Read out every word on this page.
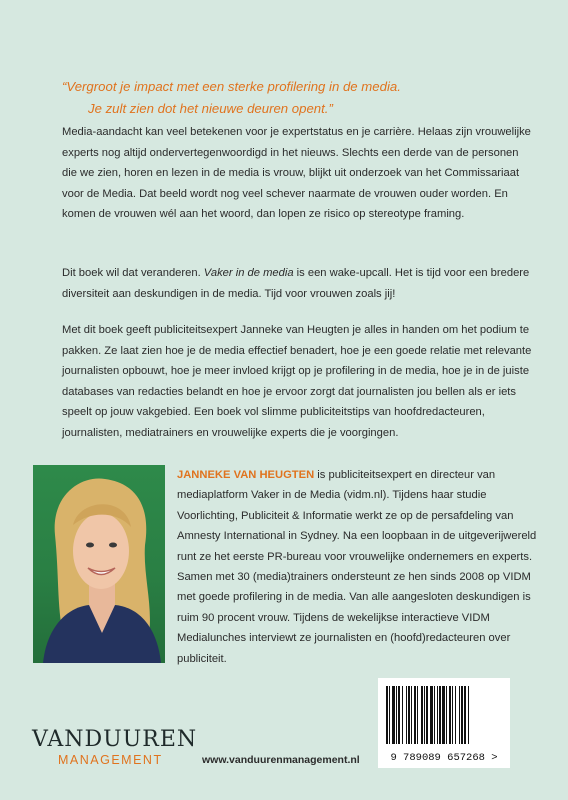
“Vergroot je impact met een sterke profilering in de media.
Je zult zien dot het nieuwe deuren opent.”

Media-aandacht kan veel betekenen voor je expertstatus en je carrière. Helaas zijn vrouwelijke experts nog altijd ondervertegenwoordigd in het nieuws. Slechts een derde van de personen die we zien, horen en lezen in de media is vrouw, blijkt uit onderzoek van het Commissariaat voor de Media. Dat beeld wordt nog veel schever naarmate de vrouwen ouder worden. En komen de vrouwen wél aan het woord, dan lopen ze risico op stereotype framing.

Dit boek wil dat veranderen. Vaker in de media is een wake-upcall. Het is tijd voor een bredere diversiteit aan deskundigen in de media. Tijd voor vrouwen zoals jij!

Met dit boek geeft publiciteitsexpert Janneke van Heugten je alles in handen om het podium te pakken. Ze laat zien hoe je de media effectief benadert, hoe je een goede relatie met relevante journalisten opbouwt, hoe je meer invloed krijgt op je profilering in de media, hoe je in de juiste databases van redacties belandt en hoe je ervoor zorgt dat journalisten jou bellen als er iets speelt op jouw vakgebied. Een boek vol slimme publiciteitstips van hoofdredacteuren, journalisten, mediatrainers en vrouwelijke experts die je voorgingen.

JANNEKE VAN HEUGTEN is publiciteitsexpert en directeur van mediaplatform Vaker in de Media (vidm.nl). Tijdens haar studie Voorlichting, Publiciteit & Informatie werkt ze op de persafdeling van Amnesty International in Sydney. Na een loopbaan in de uitgeverijwereld runt ze het eerste PR-bureau voor vrouwelijke ondernemers en experts. Samen met 30 (media)trainers ondersteunt ze hen sinds 2008 op VIDM met goede profilering in de media. Van alle aangesloten deskundigen is ruim 90 procent vrouw. Tijdens de wekelijkse interactieve VIDM Medialunches interviewt ze journalisten en (hoofd)redacteuren over publiciteit.

9 789089 657268 >
VANDUUREN
MANAGEMENT	www.vanduurenmanagement.nl
